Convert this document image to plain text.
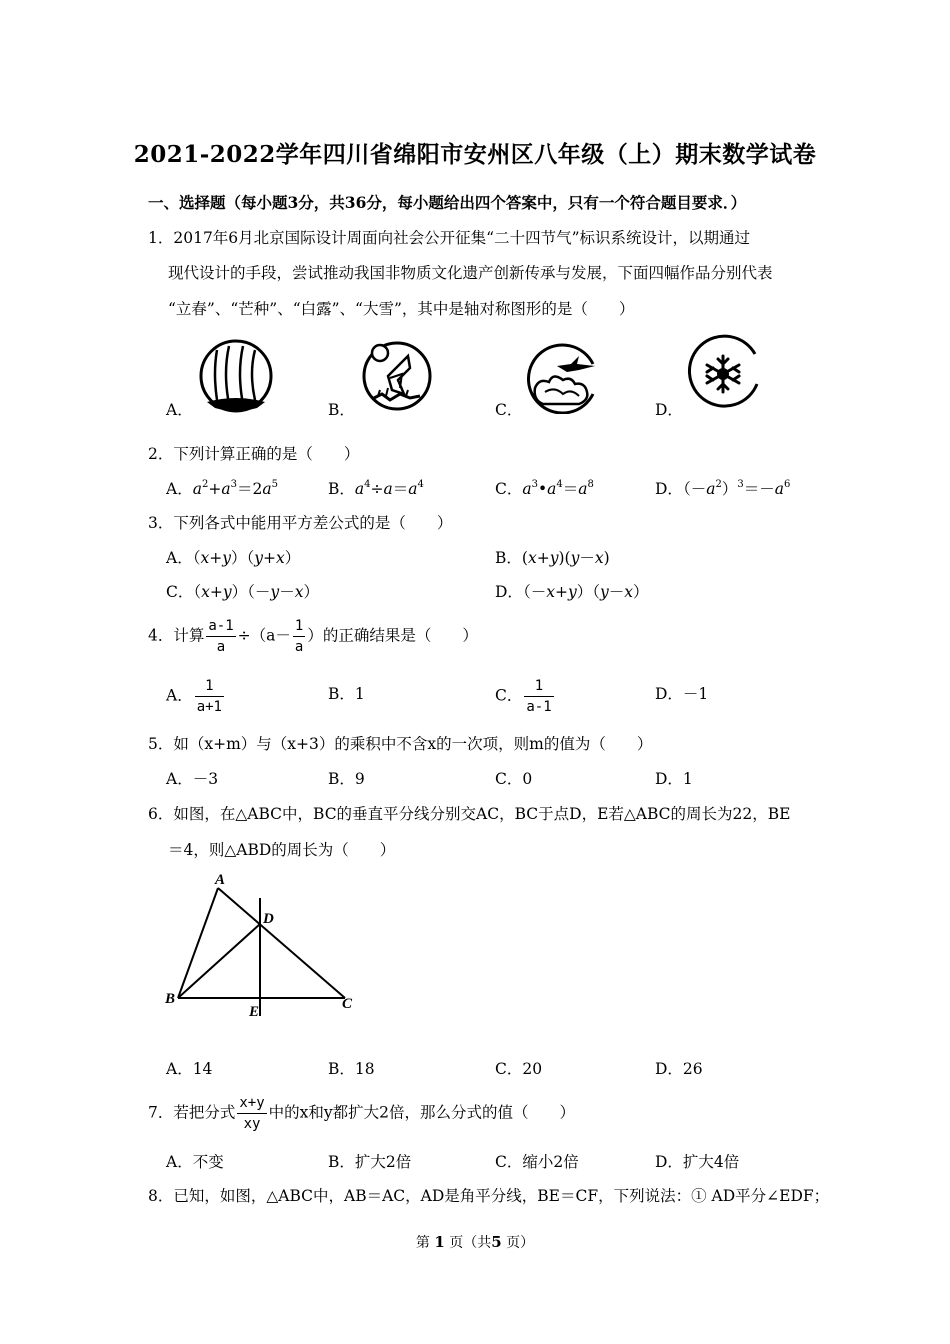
2021-2022学年四川省绵阳市安州区八年级（上）期末数学试卷
一、选择题（每小题3分，共36分，每小题给出四个答案中，只有一个符合题目要求．）
1．2017年6月北京国际设计周面向社会公开征集“二十四节气”标识系统设计，以期通过
现代设计的手段，尝试推动我国非物质文化遗产创新传承与发展，下面四幅作品分别代表
“立春”、“芒种”、“白露”、“大雪”，其中是轴对称图形的是（　　）
A．	B．	C．	D．
2．下列计算正确的是（　　）
A．$a^2+a^3=2a^5$	B．$a^4\div a=a^4$	C．$a^3•a^4=a^8$	D．$(-a^2)^3=-a^6$
3．下列各式中能用平方差公式的是（　　）
A．（x+y）（y+x）	B．(x+y)(y－x)
C．（x+y）（－y－x）	D．（－x+y）（y－x）
4．计算 $\frac{a-1}{a} \div(a- \frac{1}{a}$ ）的正确结果是（　　）
A． $\frac{1}{a+1}$	B．1	C． $\frac{1}{a-1}$	D．－1
5．如（x+m）与（x+3）的乘积中不含x的一次项，则m的值为（　　）
A．－3	B．9	C．0	D．1
6．如图，在△ABC中，BC的垂直平分线分别交AC，BC于点D，E若△ABC的周长为22，BE
＝4，则△ABD的周长为（　　）
A
D
B	C
E
A．14	B．18	C．20	D．26
7．若把分式 $\frac{x+y}{xy}$ 中的x和y都扩大2倍，那么分式的值（　　）
A．不变	B．扩大2倍	C．缩小2倍	D．扩大4倍
8．已知，如图，△ABC中，AB＝AC，AD是角平分线，BE＝CF，下列说法：① AD平分∠EDF；
第 1 页（共5 页）
